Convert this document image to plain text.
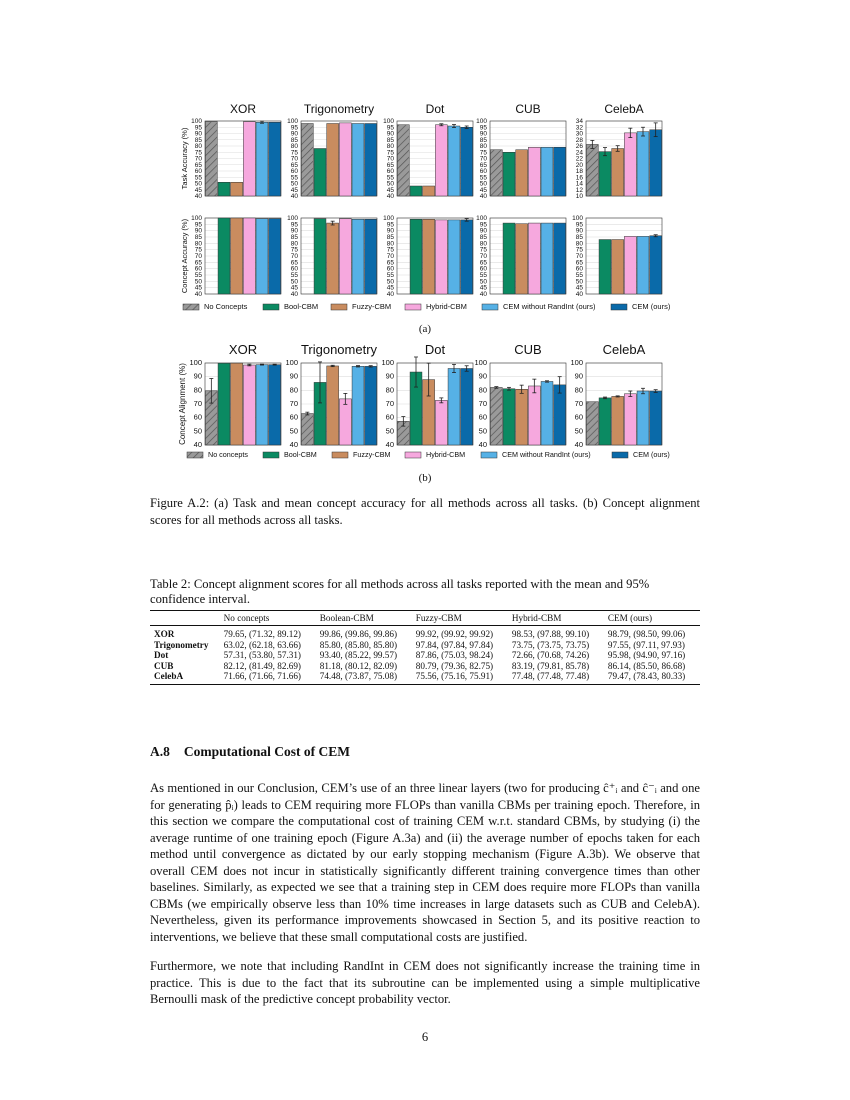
40
45
50
55
60
65
70
75
80
85
90
95
100
XOR
40
45
50
55
60
65
70
75
80
85
90
95
100
Trigonometry
40
45
50
55
60
65
70
75
80
85
90
95
100
Dot
40
45
50
55
60
65
70
75
80
85
90
95
100
CUB
10
12
14
16
18
20
22
24
26
28
30
32
34
CelebA
Task Accuracy (%)
40
45
50
55
60
65
70
75
80
85
90
95
100
40
45
50
55
60
65
70
75
80
85
90
95
100
40
45
50
55
60
65
70
75
80
85
90
95
100
40
45
50
55
60
65
70
75
80
85
90
95
100
40
45
50
55
60
65
70
75
80
85
90
95
100
Concept Accuracy (%)
40
50
60
70
80
90
100
XOR
40
50
60
70
80
90
100
Trigonometry
40
50
60
70
80
90
100
Dot
40
50
60
70
80
90
100
CUB
40
50
60
70
80
90
100
CelebA
Concept Alignment (%)
No Concepts	Bool-CBM	Fuzzy-CBM	Hybrid-CBM	CEM without RandInt (ours)	CEM (ours)
No concepts	Bool-CBM	Fuzzy-CBM	Hybrid-CBM	CEM without RandInt (ours)	CEM (ours)
(a)
(b)
Figure A.2: (a) Task and mean concept accuracy for all methods across all tasks. (b) Concept alignment scores for all methods across all tasks.
Table 2: Concept alignment scores for all methods across all tasks reported with the mean and 95% confidence interval.
	No concepts	Boolean-CBM	Fuzzy-CBM	Hybrid-CBM	CEM (ours)
XOR	79.65, (71.32, 89.12)	99.86, (99.86, 99.86)	99.92, (99.92, 99.92)	98.53, (97.88, 99.10)	98.79, (98.50, 99.06)
Trigonometry	63.02, (62.18, 63.66)	85.80, (85.80, 85.80)	97.84, (97.84, 97.84)	73.75, (73.75, 73.75)	97.55, (97.11, 97.93)
Dot	57.31, (53.80, 57.31)	93.40, (85.22, 99.57)	87.86, (75.03, 98.24)	72.66, (70.68, 74.26)	95.98, (94.90, 97.16)
CUB	82.12, (81.49, 82.69)	81.18, (80.12, 82.09)	80.79, (79.36, 82.75)	83.19, (79.81, 85.78)	86.14, (85.50, 86.68)
CelebA	71.66, (71.66, 71.66)	74.48, (73.87, 75.08)	75.56, (75.16, 75.91)	77.48, (77.48, 77.48)	79.47, (78.43, 80.33)
A.8 Computational Cost of CEM

As mentioned in our Conclusion, CEM’s use of an three linear layers (two for producing ĉ⁺ᵢ and ĉ⁻ᵢ and one for generating p̂ᵢ) leads to CEM requiring more FLOPs than vanilla CBMs per training epoch. Therefore, in this section we compare the computational cost of training CEM w.r.t. standard CBMs, by studying (i) the average runtime of one training epoch (Figure A.3a) and (ii) the average number of epochs taken for each method until convergence as dictated by our early stopping mechanism (Figure A.3b). We observe that overall CEM does not incur in statistically significantly different training convergence times than other baselines. Similarly, as expected we see that a training step in CEM does require more FLOPs than vanilla CBMs (we empirically observe less than 10% time increases in large datasets such as CUB and CelebA). Nevertheless, given its performance improvements showcased in Section 5, and its positive reaction to interventions, we believe that these small computational costs are justified.

Furthermore, we note that including RandInt in CEM does not significantly increase the training time in practice. This is due to the fact that its subroutine can be implemented using a simple multiplicative Bernoulli mask of the predictive concept probability vector.

6
